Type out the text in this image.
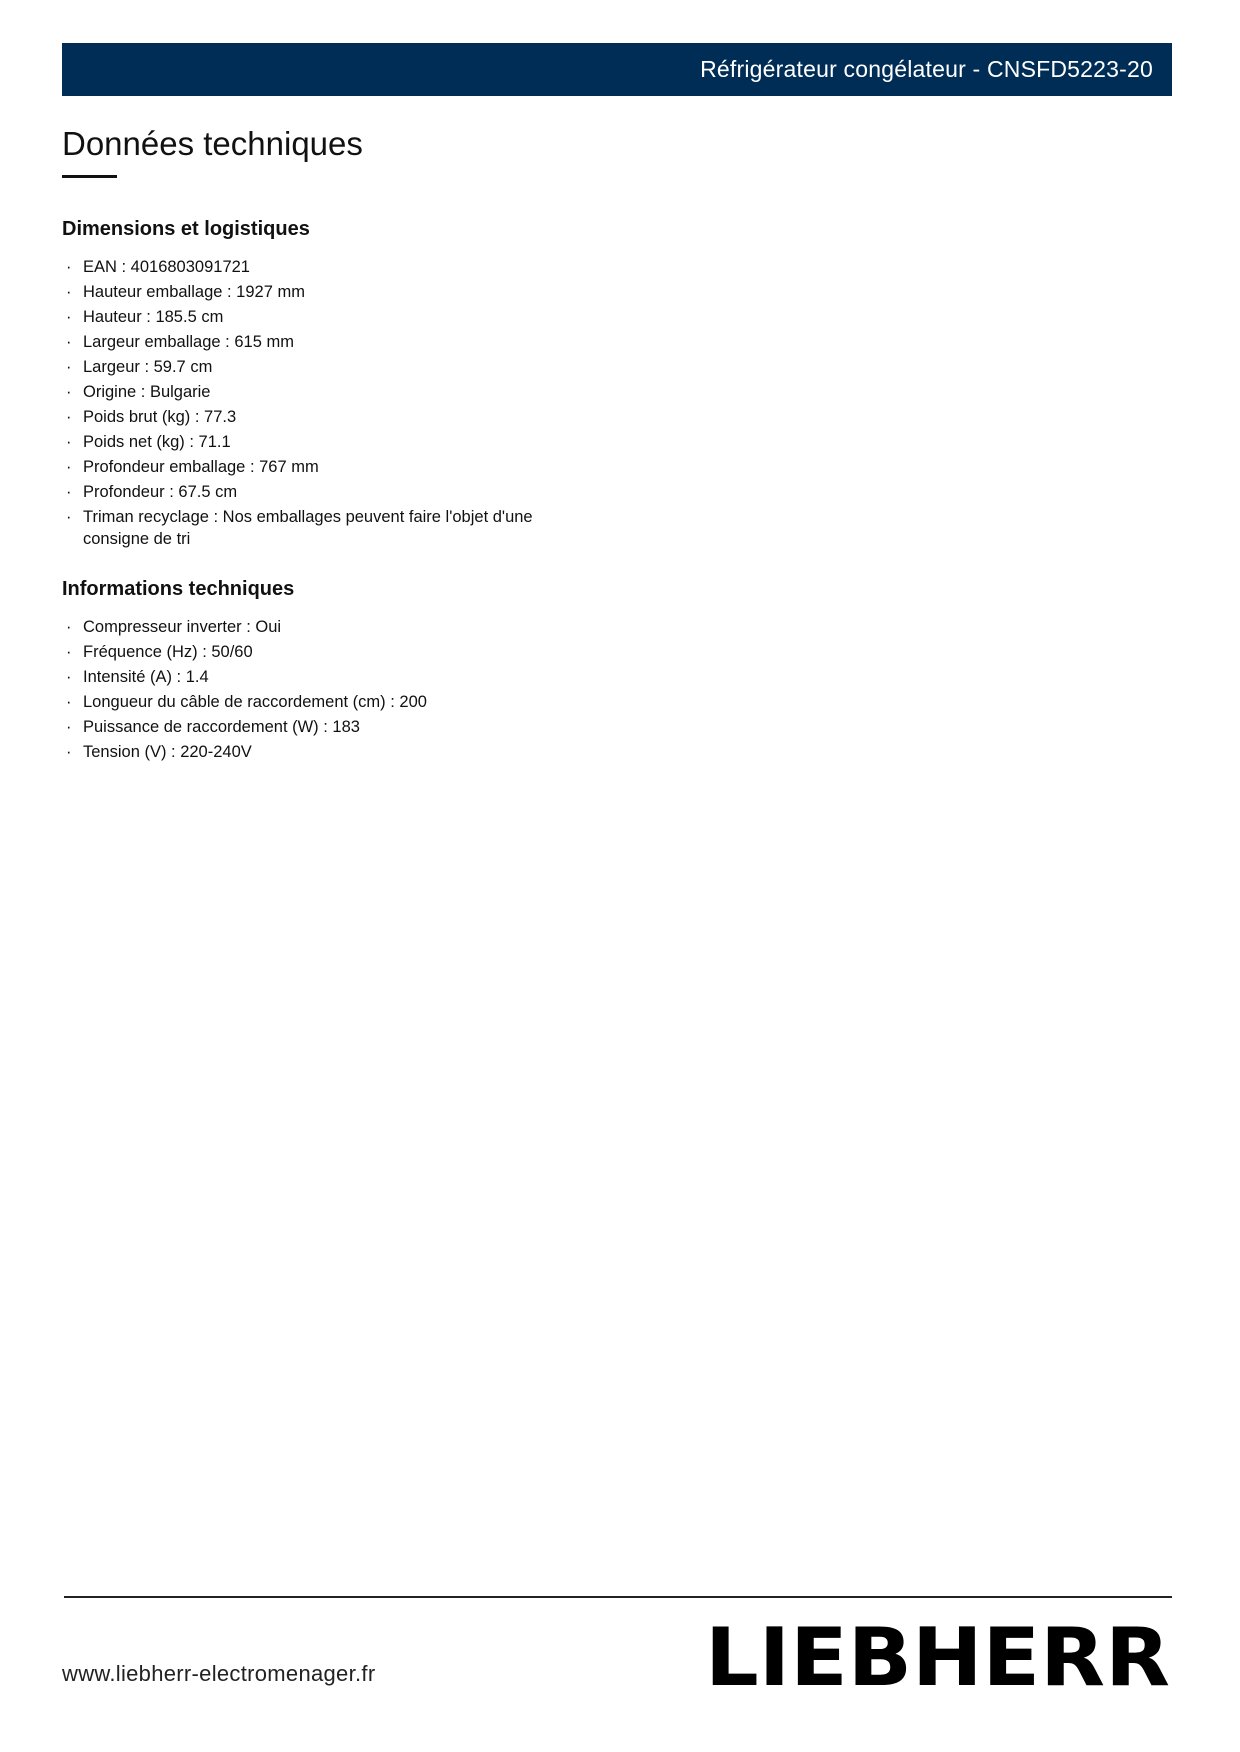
Réfrigérateur congélateur - CNSFD5223-20
Données techniques
Dimensions et logistiques
· EAN : 4016803091721
· Hauteur emballage : 1927 mm
· Hauteur : 185.5 cm
· Largeur emballage : 615 mm
· Largeur : 59.7 cm
· Origine : Bulgarie
· Poids brut (kg) : 77.3
· Poids net (kg) : 71.1
· Profondeur emballage : 767 mm
· Profondeur : 67.5 cm
· Triman recyclage : Nos emballages peuvent faire l'objet d'une consigne de tri
Informations techniques
· Compresseur inverter : Oui
· Fréquence (Hz) : 50/60
· Intensité (A) : 1.4
· Longueur du câble de raccordement (cm) : 200
· Puissance de raccordement (W) : 183
· Tension (V) : 220-240V
www.liebherr-electromenager.fr	LIEBHERR
